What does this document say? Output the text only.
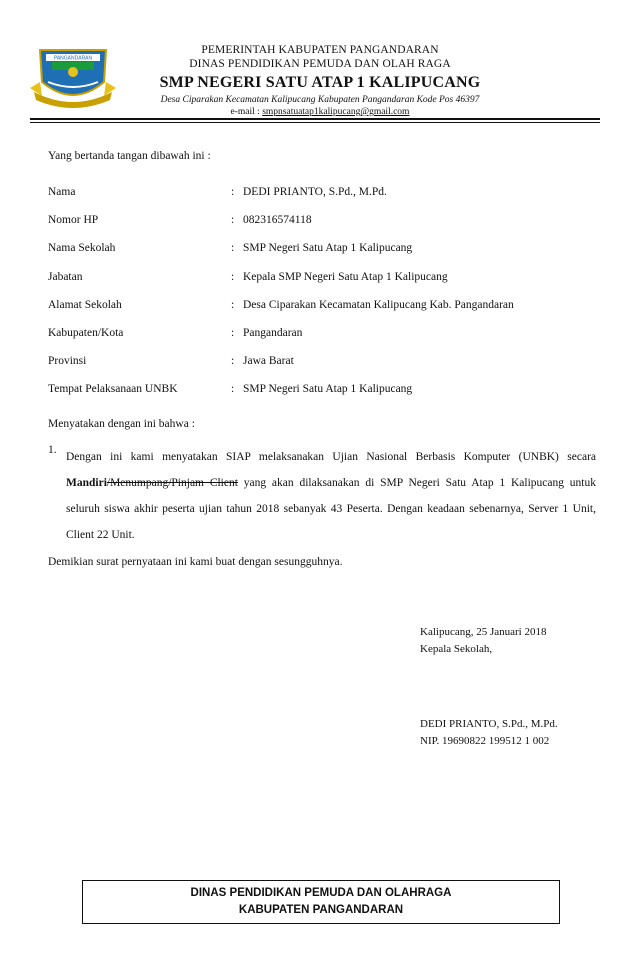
PANGANDARAN
PEMERINTAH KABUPATEN PANGANDARAN
DINAS PENDIDIKAN PEMUDA DAN OLAH RAGA
SMP NEGERI SATU ATAP 1 KALIPUCANG
Desa Ciparakan Kecamatan Kalipucang Kabupaten Pangandaran Kode Pos 46397
e-mail : smpnsatuatap1kalipucang@gmail.com
Yang bertanda tangan dibawah ini :
Nama	: DEDI PRIANTO, S.Pd., M.Pd.
Nomor HP	: 082316574118
Nama Sekolah	: SMP Negeri Satu Atap 1 Kalipucang
Jabatan	: Kepala SMP Negeri Satu Atap 1 Kalipucang
Alamat Sekolah	: Desa Ciparakan Kecamatan Kalipucang Kab. Pangandaran
Kabupaten/Kota	: Pangandaran
Provinsi	: Jawa Barat
Tempat Pelaksanaan UNBK	: SMP Negeri Satu Atap 1 Kalipucang
Menyatakan dengan ini bahwa :
1.
Dengan ini kami menyatakan SIAP melaksanakan Ujian Nasional Berbasis Komputer (UNBK) secara Mandiri/Menumpang/Pinjam Client yang akan dilaksanakan di SMP Negeri Satu Atap 1 Kalipucang untuk seluruh siswa akhir peserta ujian tahun 2018 sebanyak 43 Peserta. Dengan keadaan sebenarnya, Server 1 Unit, Client 22 Unit.
Demikian surat pernyataan ini kami buat dengan sesungguhnya.
Kalipucang, 25 Januari 2018
Kepala Sekolah,
DEDI PRIANTO, S.Pd., M.Pd.
NIP. 19690822 199512 1 002
DINAS PENDIDIKAN PEMUDA DAN OLAHRAGA
KABUPATEN PANGANDARAN
